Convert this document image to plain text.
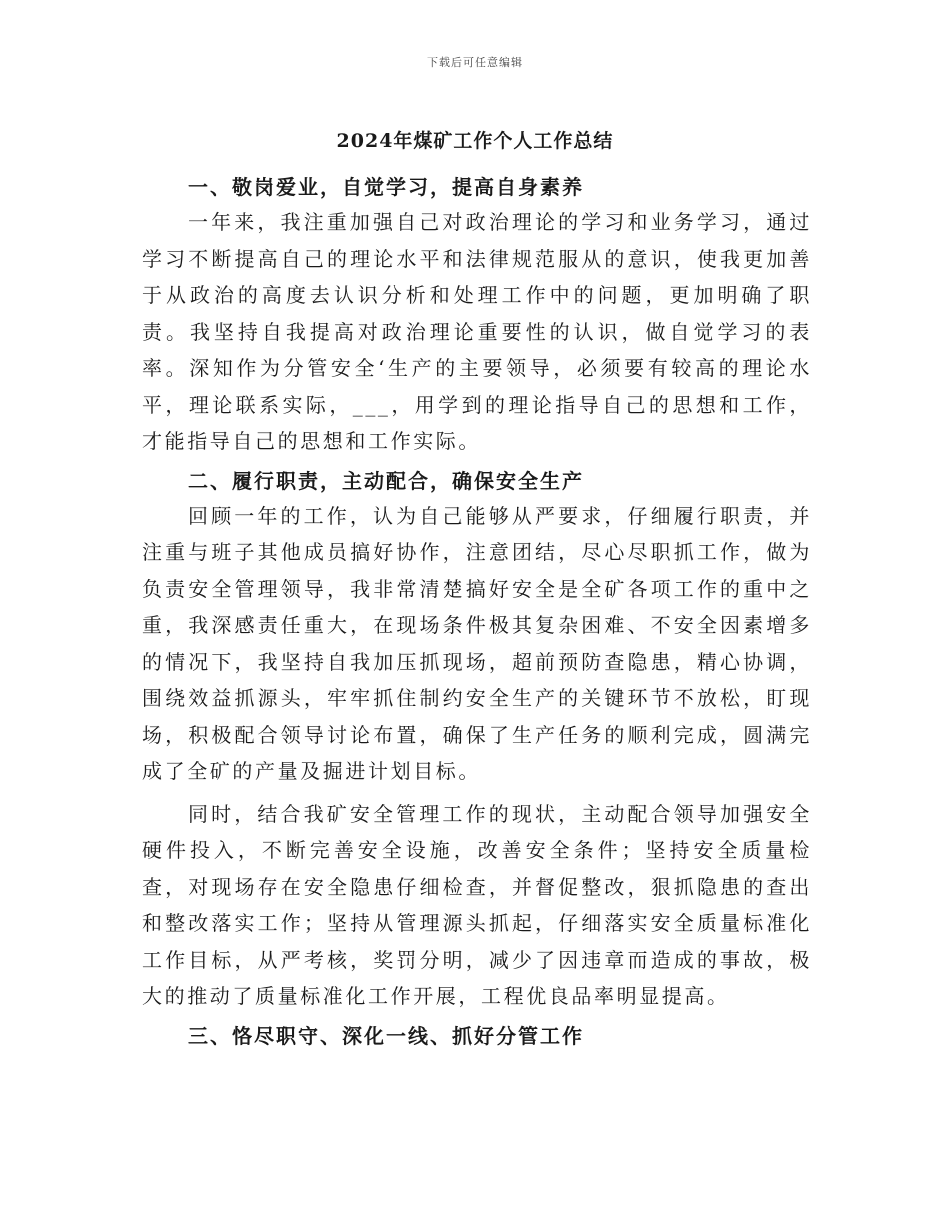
下载后可任意编辑
2024年煤矿工作个人工作总结
一、敬岗爱业，自觉学习，提高自身素养

一年来，我注重加强自己对政治理论的学习和业务学习，通过学习不断提高自己的理论水平和法律规范服从的意识，使我更加善于从政治的高度去认识分析和处理工作中的问题，更加明确了职责。我坚持自我提高对政治理论重要性的认识，做自觉学习的表率。深知作为分管安全‘生产的主要领导，必须要有较高的理论水平，理论联系实际，___，用学到的理论指导自己的思想和工作，才能指导自己的思想和工作实际。

二、履行职责，主动配合，确保安全生产

回顾一年的工作，认为自己能够从严要求，仔细履行职责，并注重与班子其他成员搞好协作，注意团结，尽心尽职抓工作，做为负责安全管理领导，我非常清楚搞好安全是全矿各项工作的重中之重，我深感责任重大，在现场条件极其复杂困难、不安全因素增多的情况下，我坚持自我加压抓现场，超前预防查隐患，精心协调，围绕效益抓源头，牢牢抓住制约安全生产的关键环节不放松，盯现场，积极配合领导讨论布置，确保了生产任务的顺利完成，圆满完成了全矿的产量及掘进计划目标。

同时，结合我矿安全管理工作的现状，主动配合领导加强安全硬件投入，不断完善安全设施，改善安全条件；坚持安全质量检查，对现场存在安全隐患仔细检查，并督促整改，狠抓隐患的查出和整改落实工作；坚持从管理源头抓起，仔细落实安全质量标准化工作目标，从严考核，奖罚分明，减少了因违章而造成的事故，极大的推动了质量标准化工作开展，工程优良品率明显提高。

三、恪尽职守、深化一线、抓好分管工作
